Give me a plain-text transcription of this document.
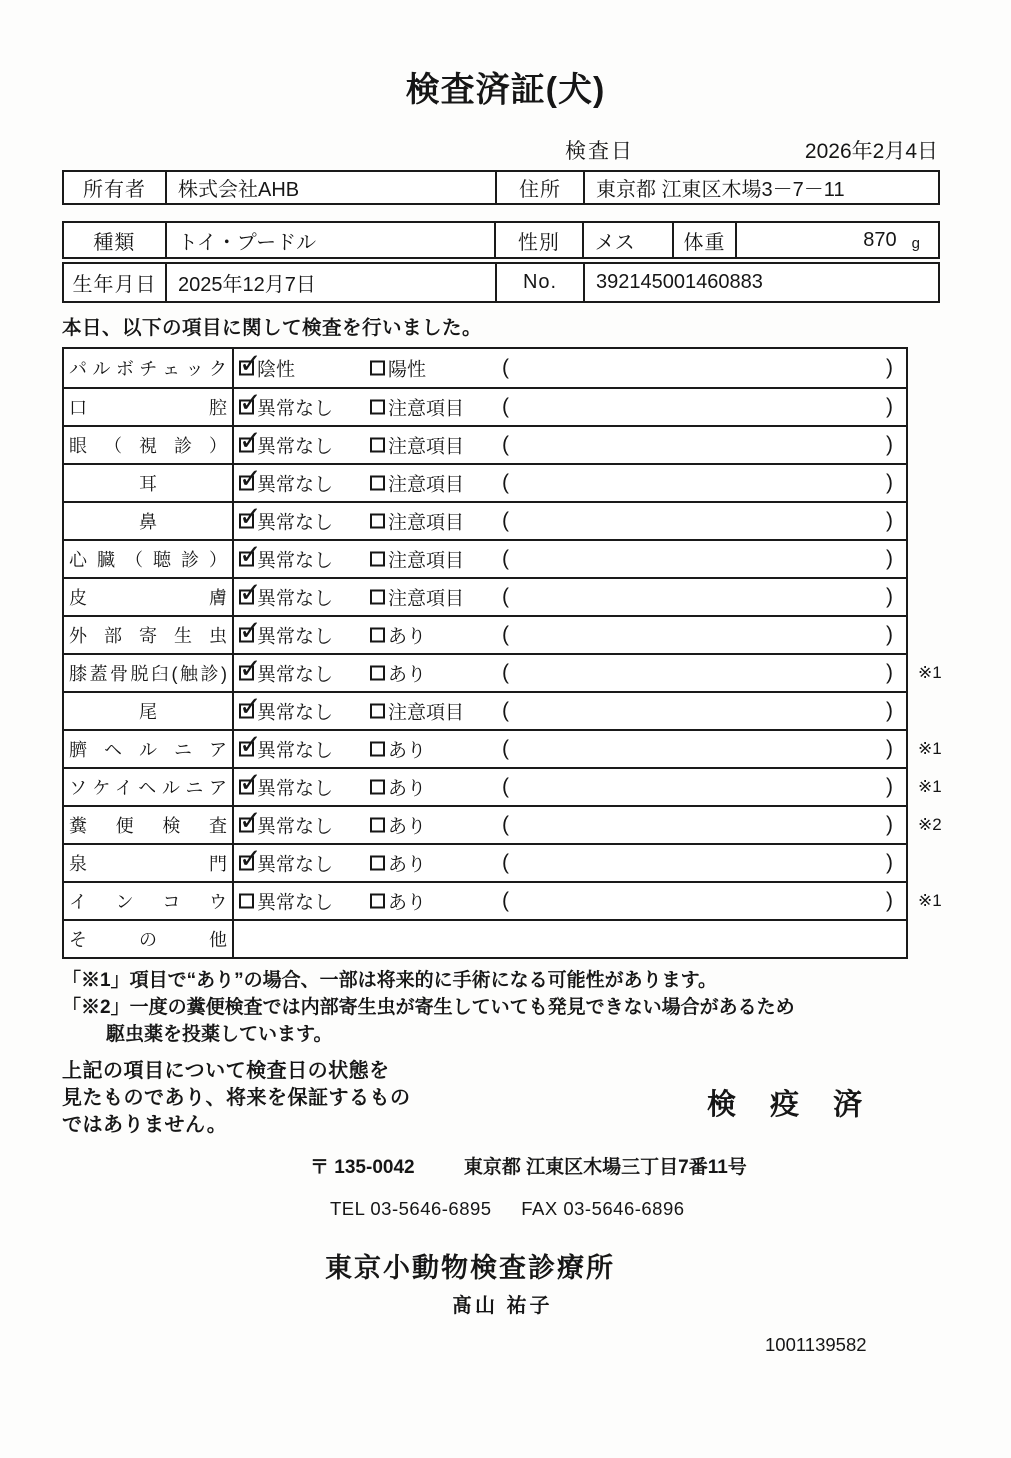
検査済証(犬)
検査日	2026年2月4日
所有者	株式会社AHB	住所	東京都 江東区木場3－7－11
種類	トイ・プードル	性別	メス	体重	870 g
生年月日	2025年12月7日	No.	392145001460883
本日、以下の項目に関して検査を行いました。
パルボチェック ✓ 陰性	陽性	(	)
口腔 ✓ 異常なし	注意項目 (	)
眼（視診） ✓ 異常なし	注意項目 (	)
耳 ✓	異常なし	注意項目 (	)
鼻 ✓	異常なし	注意項目 (	)
心臓（聴診） ✓ 異常なし	注意項目 (	)
皮膚 ✓ 異常なし	注意項目 (	)
外部寄生虫 ✓ 異常なし	あり	(	)
膝蓋骨脱臼(触診) ✓ 異常なし	あり	(	) ※1
尾 ✓	異常なし	注意項目 (	)
臍ヘルニア ✓ 異常なし	あり	(	) ※1
ソケイヘルニア ✓ 異常なし	あり	(	) ※1
糞便検査 ✓ 異常なし	あり	(	) ※2
泉門 ✓ 異常なし	あり	(	)
インコウ 異常なし	あり	(	) ※1
その他
「※1」項目で“あり”の場合、一部は将来的に手術になる可能性があります。
「※2」一度の糞便検査では内部寄生虫が寄生していても発見できない場合があるため
駆虫薬を投薬しています。
上記の項目について検査日の状態を
見たものであり、将来を保証するもの
ではありません。
検 疫 済
〒 135-0042	東京都 江東区木場三丁目7番11号
TEL 03-5646-6895 FAX 03-5646-6896
東京小動物検査診療所
髙山 祐子
1001139582
